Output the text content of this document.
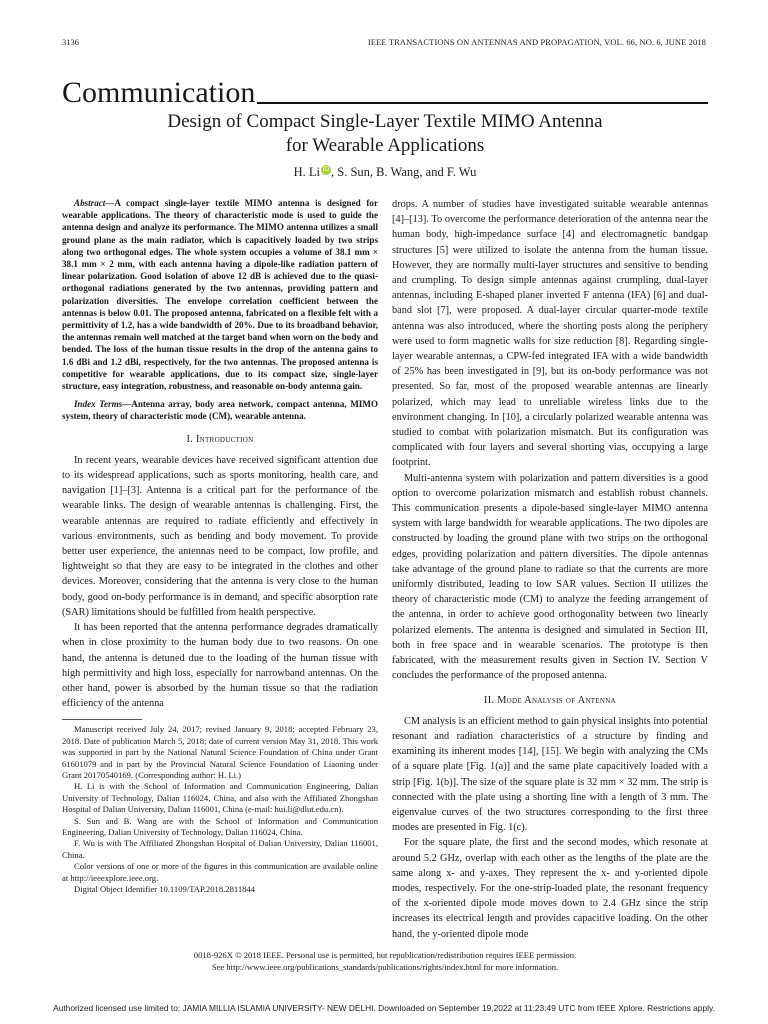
3136	IEEE TRANSACTIONS ON ANTENNAS AND PROPAGATION, VOL. 66, NO. 6, JUNE 2018
Communication
Design of Compact Single-Layer Textile MIMO Antenna
for Wearable Applications
H. Li iD , S. Sun, B. Wang, and F. Wu

Abstract—A compact single-layer textile MIMO antenna is designed for wearable applications. The theory of characteristic mode is used to guide the antenna design and analyze its performance. The MIMO antenna utilizes a small ground plane as the main radiator, which is capacitively loaded by two strips along two orthogonal edges. The whole system occupies a volume of 38.1 mm × 38.1 mm × 2 mm, with each antenna having a dipole-like radiation pattern of linear polarization. Good isolation of above 12 dB is achieved due to the quasi-orthogonal radiations generated by the two antennas, providing pattern and polarization diversities. The envelope correlation coefficient between the antennas is below 0.01. The proposed antenna, fabricated on a flexible felt with a permittivity of 1.2, has a wide bandwidth of 20%. Due to its broadband behavior, the antennas remain well matched at the target band when worn on the body and bended. The loss of the human tissue results in the drop of the antenna gains to 1.6 dBi and 1.2 dBi, respectively, for the two antennas. The proposed antenna is competitive for wearable applications, due to its compact size, single-layer structure, easy integration, robustness, and reasonable on-body antenna gain.

Index Terms—Antenna array, body area network, compact antenna, MIMO system, theory of characteristic mode (CM), wearable antenna.

I. Introduction

In recent years, wearable devices have received significant attention due to its widespread applications, such as sports monitoring, health care, and navigation [1]–[3]. Antenna is a critical part for the performance of the wearable links. The design of wearable antennas is challenging. First, the wearable antennas are required to radiate efficiently and effectively in various environments, such as bending and body movement. To provide better user experience, the antennas need to be compact, low profile, and lightweight so that they are easy to be integrated in the clothes and other devices. Moreover, considering that the antenna is very close to the human body, good on-body performance is in demand, and specific absorption rate (SAR) limitations should be fulfilled from health perspective.

It has been reported that the antenna performance degrades dramatically when in close proximity to the human body due to two reasons. On one hand, the antenna is detuned due to the loading of the human tissue with high permittivity and high loss, especially for narrowband antennas. On the other hand, power is absorbed by the human tissue so that the radiation efficiency of the antenna

Manuscript received July 24, 2017; revised January 9, 2018; accepted February 23, 2018. Date of publication March 5, 2018; date of current version May 31, 2018. This work was supported in part by the National Natural Science Foundation of China under Grant 61601079 and in part by the Provincial Natural Science Foundation of Liaoning under Grant 20170540169. (Corresponding author: H. Li.)

H. Li is with the School of Information and Communication Engineering, Dalian University of Technology, Dalian 116024, China, and also with the Affiliated Zhongshan Hospital of Dalian University, Dalian 116001, China (e-mail: hui.li@dlut.edu.cn).

S. Sun and B. Wang are with the School of Information and Communication Engineering, Dalian University of Technology, Dalian 116024, China.

F. Wu is with The Affiliated Zhongshan Hospital of Dalian University, Dalian 116001, China.

Color versions of one or more of the figures in this communication are available online at http://ieeexplore.ieee.org.

Digital Object Identifier 10.1109/TAP.2018.2811844

drops. A number of studies have investigated suitable wearable antennas [4]–[13]. To overcome the performance deterioration of the antenna near the human body, high-impedance surface [4] and electromagnetic bandgap structures [5] were utilized to isolate the antenna from the human tissue. However, they are normally multi-layer structures and sensitive to bending and crumpling. To design simple antennas against crumpling, dual-layer antennas, including E-shaped planer inverted F antenna (IFA) [6] and dual-band slot [7], were proposed. A dual-layer circular quarter-mode textile antenna was also introduced, where the shorting posts along the periphery were used to form magnetic walls for size reduction [8]. Regarding single-layer wearable antennas, a CPW-fed integrated IFA with a wide bandwidth of 25% has been investigated in [9], but its on-body performance was not presented. So far, most of the proposed wearable antennas are linearly polarized, which may lead to unreliable wireless links due to the environment changing. In [10], a circularly polarized wearable antenna was studied to combat with polarization mismatch. But its configuration was complicated with four layers and several shorting vias, occupying a large footprint.

Multi-antenna system with polarization and pattern diversities is a good option to overcome polarization mismatch and establish robust channels. This communication presents a dipole-based single-layer MIMO antenna system with large bandwidth for wearable applications. The two dipoles are constructed by loading the ground plane with two strips on the orthogonal edges, providing polarization and pattern diversities. The dipole antennas take advantage of the ground plane to radiate so that the currents are more uniformly distributed, leading to low SAR values. Section II utilizes the theory of characteristic mode (CM) to analyze the feeding arrangement of the antenna, in order to achieve good orthogonality between two linearly polarized elements. The antenna is designed and simulated in Section III, both in free space and in wearable scenarios. The prototype is then fabricated, with the measurement results given in Section IV. Section V concludes the performance of the proposed antenna.

II. Mode Analysis of Antenna

CM analysis is an efficient method to gain physical insights into potential resonant and radiation characteristics of a structure by finding and examining its inherent modes [14], [15]. We begin with analyzing the CMs of a square plate [Fig. 1(a)] and the same plate capacitively loaded with a strip [Fig. 1(b)]. The size of the square plate is 32 mm × 32 mm. The strip is connected with the plate using a shorting line with a length of 3 mm. The eigenvalue curves of the two structures corresponding to the first three modes are presented in Fig. 1(c).

For the square plate, the first and the second modes, which resonate at around 5.2 GHz, overlap with each other as the lengths of the plate are the same along x- and y-axes. They represent the x- and y-oriented dipole modes, respectively. For the one-strip-loaded plate, the resonant frequency of the x-oriented dipole mode moves down to 2.4 GHz since the strip increases its electrical length and provides capacitive loading. On the other hand, the y-oriented dipole mode

0018-926X © 2018 IEEE. Personal use is permitted, but republication/redistribution requires IEEE permission.
See http://www.ieee.org/publications_standards/publications/rights/index.html for more information.
Authorized licensed use limited to: JAMIA MILLIA ISLAMIA UNIVERSITY- NEW DELHI. Downloaded on September 19,2022 at 11:23:49 UTC from IEEE Xplore. Restrictions apply.
